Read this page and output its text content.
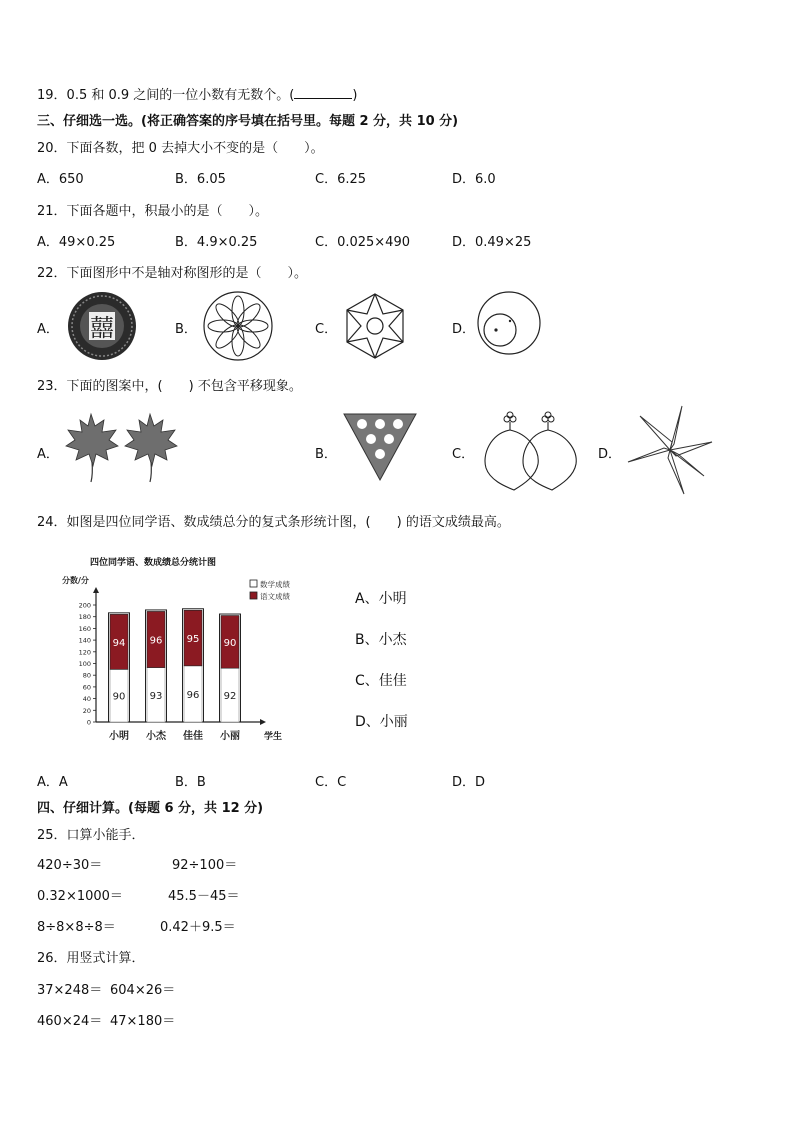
19．0.5 和 0.9 之间的一位小数有无数个。(	)
三、仔细选一选。(将正确答案的序号填在括号里。每题 2 分，共 10 分)
20．下面各数，把 0 去掉大小不变的是（　　）。
A．650	B．6.05	C．6.25	D．6.0
21．下面各题中，积最小的是（　　）。
A．49×0.25	B．4.9×0.25	C．0.025×490	D．0.49×25
22．下面图形中不是轴对称图形的是（　　）。
A．	B．	C．	D．
囍
23．下面的图案中，(　　) 不包含平移现象。
A．	B．	C．	D．
24．如图是四位同学语、数成绩总分的复式条形统计图，(　　) 的语文成绩最高。
四位同学语、数成绩总分统计图
分数/分
0
20
40
60
80
100
120
140
160
180
200
90
94
小明
93
96
小杰
96
95
佳佳
92
90
小丽	学生
数学成绩
语文成绩	A、小明
B、小杰
C、佳佳
D、小丽
A．A	B．B	C．C	D．D
四、仔细计算。(每题 6 分，共 12 分)
25．口算小能手．
420÷30＝	92÷100＝
0.32×1000＝	45.5－45＝
8÷8×8÷8＝	0.42＋9.5＝
26．用竖式计算．
37×248＝ 604×26＝
460×24＝ 47×180＝
